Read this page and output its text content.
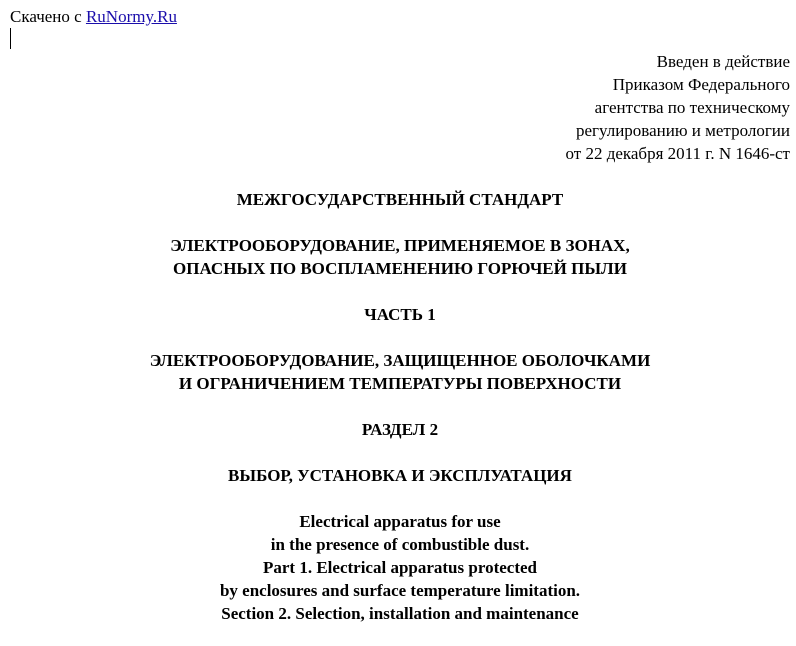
Скачено с RuNormy.Ru
Введен в действие
Приказом Федерального
агентства по техническому
регулированию и метрологии
от 22 декабря 2011 г. N 1646-ст
МЕЖГОСУДАРСТВЕННЫЙ СТАНДАРТ
ЭЛЕКТРООБОРУДОВАНИЕ, ПРИМЕНЯЕМОЕ В ЗОНАХ,
ОПАСНЫХ ПО ВОСПЛАМЕНЕНИЮ ГОРЮЧЕЙ ПЫЛИ
ЧАСТЬ 1
ЭЛЕКТРООБОРУДОВАНИЕ, ЗАЩИЩЕННОЕ ОБОЛОЧКАМИ
И ОГРАНИЧЕНИЕМ ТЕМПЕРАТУРЫ ПОВЕРХНОСТИ
РАЗДЕЛ 2
ВЫБОР, УСТАНОВКА И ЭКСПЛУАТАЦИЯ
Electrical apparatus for use
in the presence of combustible dust.
Part 1. Electrical apparatus protected
by enclosures and surface temperature limitation.
Section 2. Selection, installation and maintenance
